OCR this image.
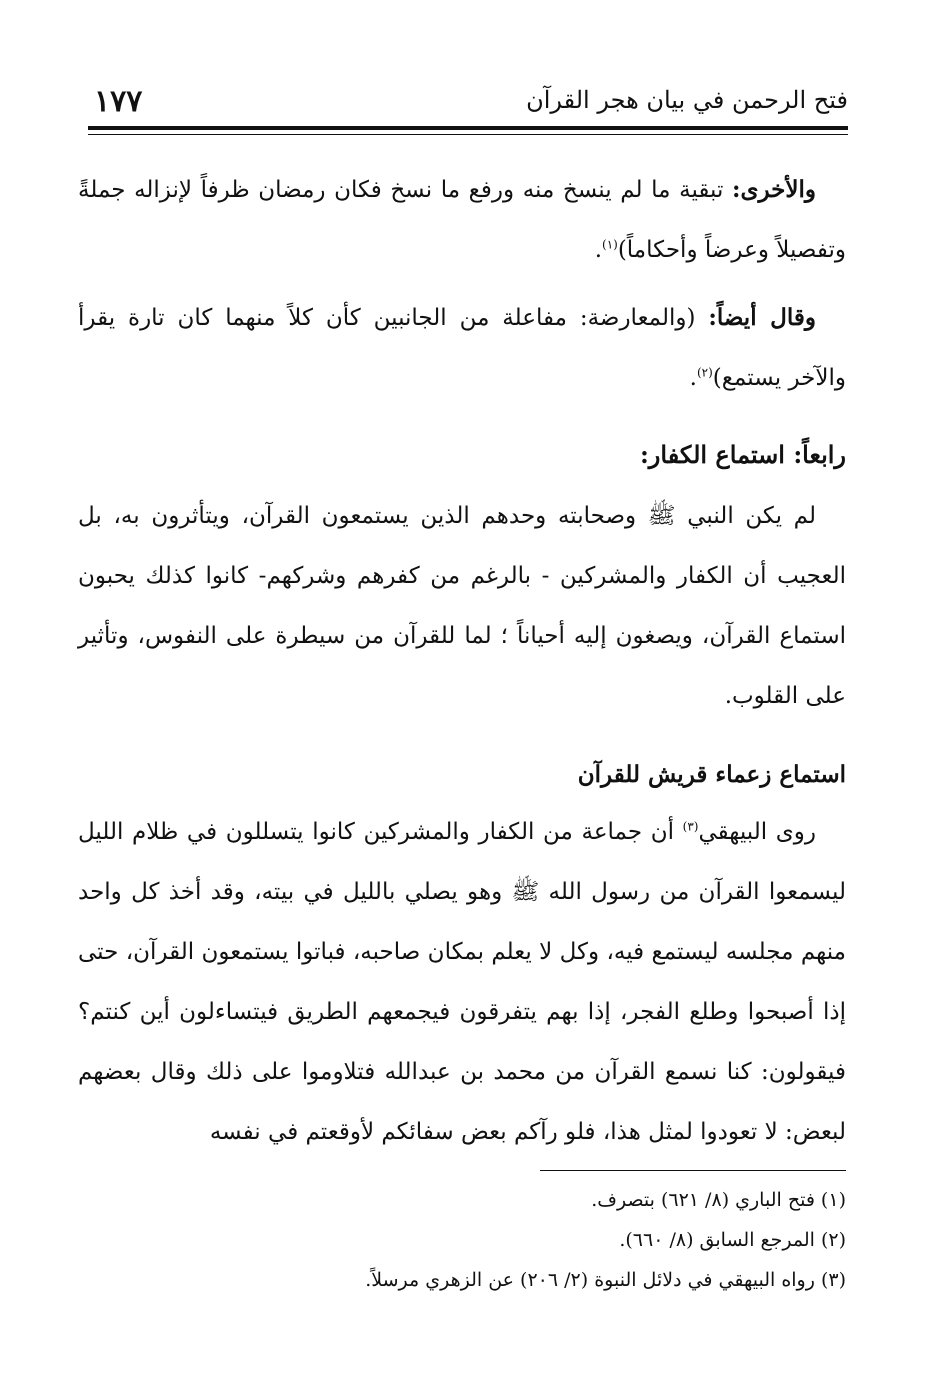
١٧٧	فتح الرحمن في بيان هجر القرآن

والأخرى: تبقية ما لم ينسخ منه ورفع ما نسخ فكان رمضان ظرفاً لإنزاله جملةً وتفصيلاً وعرضاً وأحكاماً)$^{(١)}$.

وقال أيضاً: (والمعارضة: مفاعلة من الجانبين كأن كلاً منهما كان تارة يقرأ والآخر يستمع)$^{(٢)}$.

رابعاً: استماع الكفار:

لم يكن النبي ﷺ وصحابته وحدهم الذين يستمعون القرآن، ويتأثرون به، بل العجيب أن الكفار والمشركين - بالرغم من كفرهم وشركهم- كانوا كذلك يحبون استماع القرآن، ويصغون إليه أحياناً ؛ لما للقرآن من سيطرة على النفوس، وتأثير على القلوب.

استماع زعماء قريش للقرآن

روى البيهقي$^{(٣)}$ أن جماعة من الكفار والمشركين كانوا يتسللون في ظلام الليل ليسمعوا القرآن من رسول الله ﷺ وهو يصلي بالليل في بيته، وقد أخذ كل واحد منهم مجلسه ليستمع فيه، وكل لا يعلم بمكان صاحبه، فباتوا يستمعون القرآن، حتى إذا أصبحوا وطلع الفجر، إذا بهم يتفرقون فيجمعهم الطريق فيتساءلون أين كنتم؟ فيقولون: كنا نسمع القرآن من محمد بن عبدالله فتلاوموا على ذلك وقال بعضهم لبعض: لا تعودوا لمثل هذا، فلو رآكم بعض سفائكم لأوقعتم في نفسه

(١) فتح الباري (٨/ ٦٢١) بتصرف.
(٢) المرجع السابق (٨/ ٦٦٠).
(٣) رواه البيهقي في دلائل النبوة (٢/ ٢٠٦) عن الزهري مرسلاً.
